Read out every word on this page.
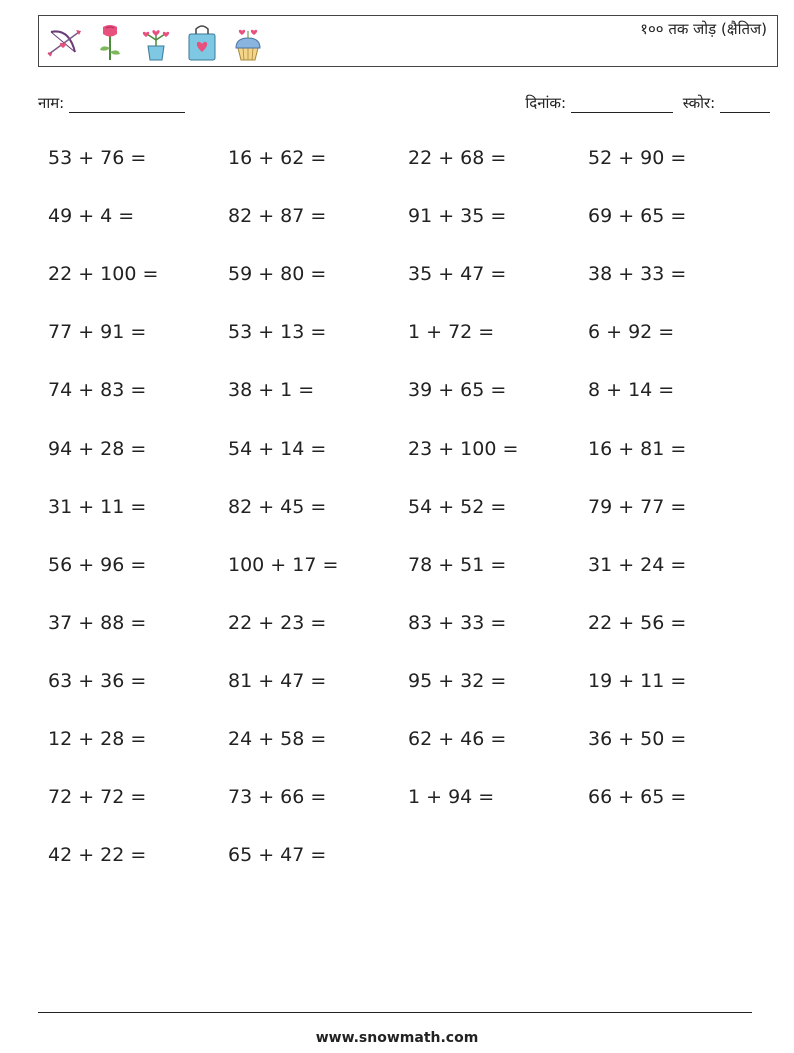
१०० तक जोड़ (क्षैतिज)
नाम:	दिनांक:	स्कोर:
53 + 76 =	16 + 62 =	22 + 68 =	52 + 90 =
49 + 4 =	82 + 87 =	91 + 35 =	69 + 65 =
22 + 100 =	59 + 80 =	35 + 47 =	38 + 33 =
77 + 91 =	53 + 13 =	1 + 72 =	6 + 92 =
74 + 83 =	38 + 1 =	39 + 65 =	8 + 14 =
94 + 28 =	54 + 14 =	23 + 100 =	16 + 81 =
31 + 11 =	82 + 45 =	54 + 52 =	79 + 77 =
56 + 96 =	100 + 17 =	78 + 51 =	31 + 24 =
37 + 88 =	22 + 23 =	83 + 33 =	22 + 56 =
63 + 36 =	81 + 47 =	95 + 32 =	19 + 11 =
12 + 28 =	24 + 58 =	62 + 46 =	36 + 50 =
72 + 72 =	73 + 66 =	1 + 94 =	66 + 65 =
42 + 22 =	65 + 47 =
www.snowmath.com
